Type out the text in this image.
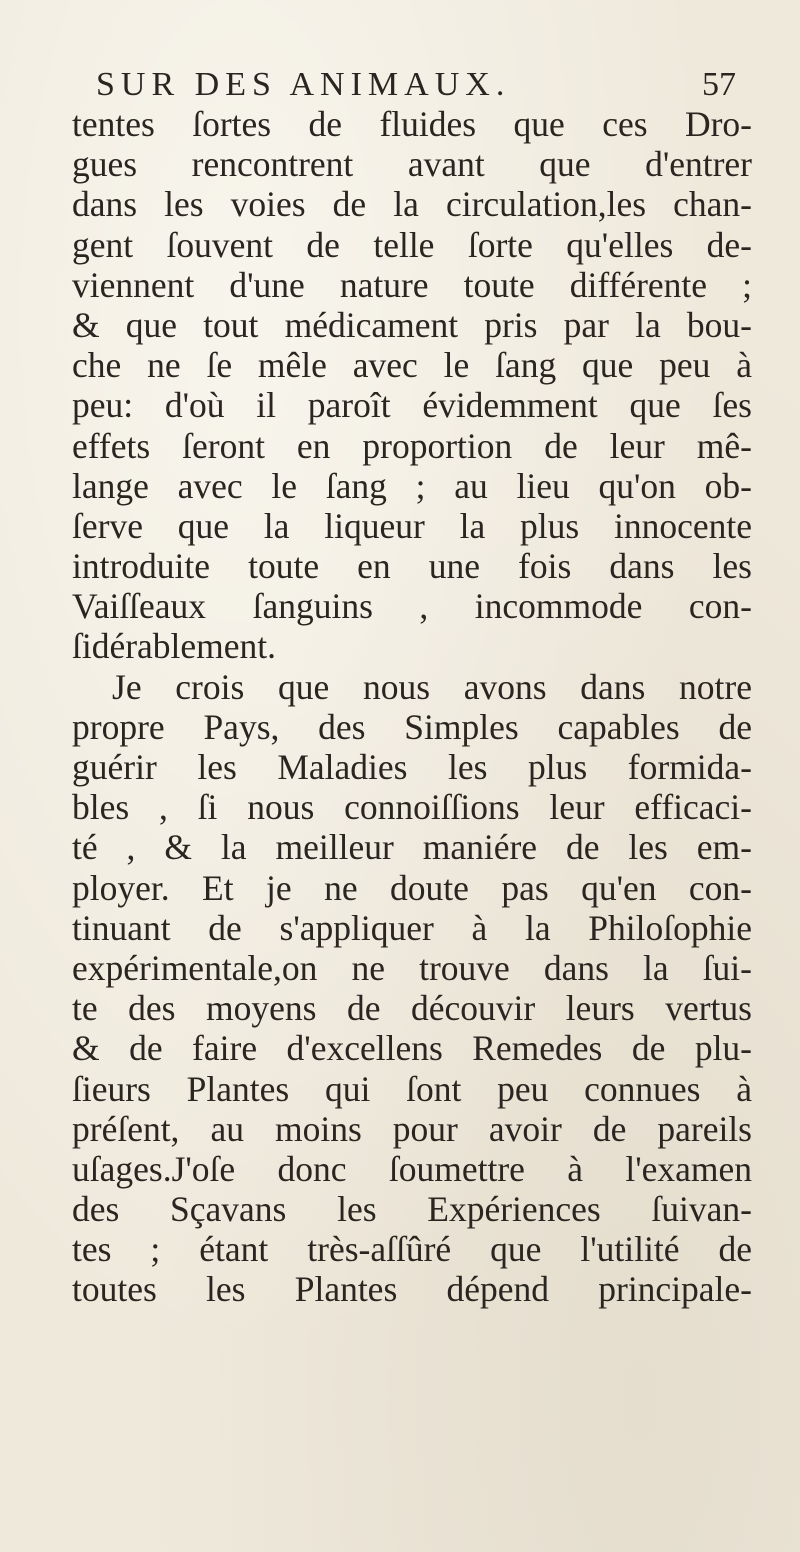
SUR DES ANIMAUX.	57
tentes ſortes de fluides que ces Dro-
gues rencontrent avant que d'entrer
dans les voies de la circulation,les chan-
gent ſouvent de telle ſorte qu'elles de-
viennent d'une nature toute différente ;
& que tout médicament pris par la bou-
che ne ſe mêle avec le ſang que peu à
peu: d'où il paroît évidemment que ſes
effets ſeront en proportion de leur mê-
lange avec le ſang ; au lieu qu'on ob-
ſerve que la liqueur la plus innocente
introduite toute en une fois dans les
Vaiſſeaux ſanguins , incommode con-
ſidérablement.
Je crois que nous avons dans notre
propre Pays, des Simples capables de
guérir les Maladies les plus formida-
bles , ſi nous connoiſſions leur efficaci-
té , & la meilleur maniére de les em-
ployer. Et je ne doute pas qu'en con-
tinuant de s'appliquer à la Philoſophie
expérimentale,on ne trouve dans la ſui-
te des moyens de découvir leurs vertus
& de faire d'excellens Remedes de plu-
ſieurs Plantes qui ſont peu connues à
préſent, au moins pour avoir de pareils
uſages.J'oſe donc ſoumettre à l'examen
des Sçavans les Expériences ſuivan-
tes ; étant très-aſſûré que l'utilité de
toutes les Plantes dépend principale-
